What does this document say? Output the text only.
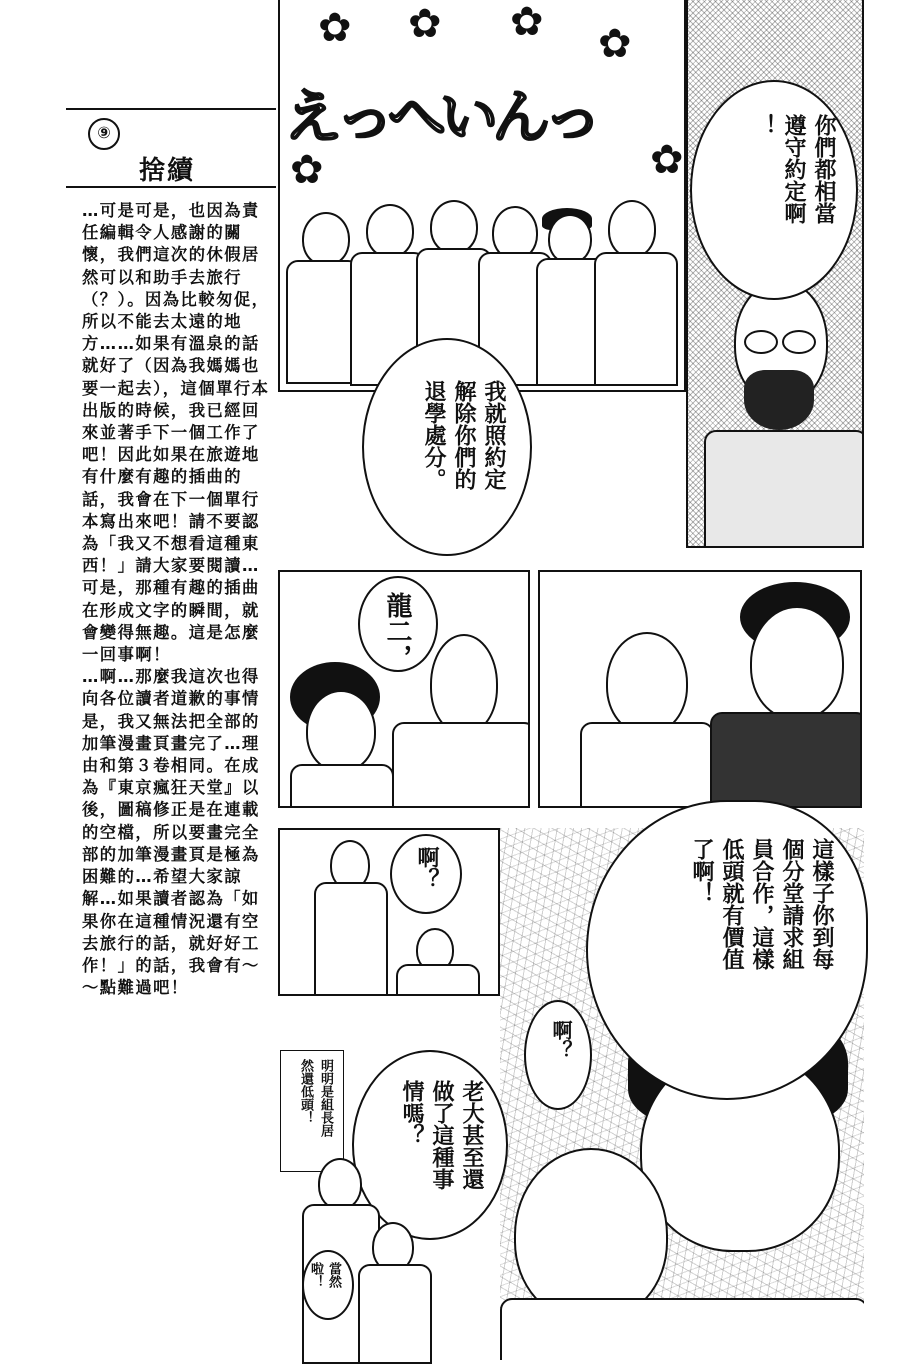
⑨
捨續
…可是可是，也因為責任編輯令人感謝的關懷，我們這次的休假居然可以和助手去旅行（？）。因為比較匆促，所以不能去太遠的地方……如果有溫泉的話就好了（因為我媽媽也要一起去），這個單行本出版的時候，我已經回來並著手下一個工作了吧！因此如果在旅遊地有什麼有趣的插曲的話，我會在下一個單行本寫出來吧！請不要認為「我又不想看這種東西！」請大家要閱讀…可是，那種有趣的插曲在形成文字的瞬間，就會變得無趣。這是怎麼一回事啊！
…啊…那麼我這次也得向各位讀者道歉的事情是，我又無法把全部的加筆漫畫頁畫完了…理由和第３卷相同。在成為『東京瘋狂天堂』以後，圖稿修正是在連載的空檔，所以要畫完全部的加筆漫畫頁是極為困難的…希望大家諒解…如果讀者認為「如果你在這種情況還有空去旅行的話，就好好工作！」的話，我會有～～點難過吧！
✿ ✿ ✿ ✿
✿	✿
えっへいんっ
我就照約定
解除你們的
退學處分。
你們都相當
遵守約定啊
！
龍二，
啊？	這樣子你到每
個分堂請求組
員合作，這樣
低頭就有價值
了啊！
啊？
老大甚至還
做了這種事
情嗎？
明明是組長居
然還低頭！
當然
啦！
